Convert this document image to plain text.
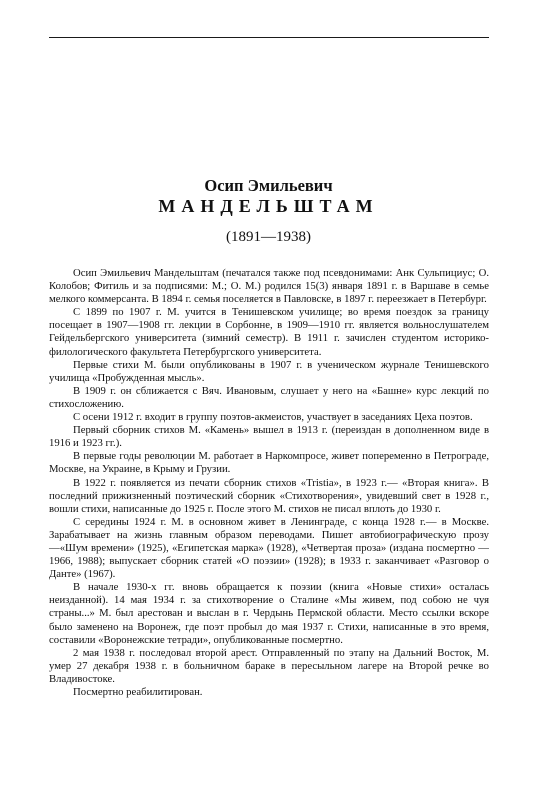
Осип Эмильевич
МАНДЕЛЬШТАМ
(1891—1938)

Осип Эмильевич Мандельштам (печатался также под псевдонимами: Анк Сульпициус; О. Колобов; Фитиль и за подписями: М.; О. М.) родился 15(3) января 1891 г. в Варшаве в семье мелкого коммерсанта. В 1894 г. семья поселяется в Павловске, в 1897 г. переезжает в Петербург.

С 1899 по 1907 г. М. учится в Тенишевском училище; во время поездок за границу посещает в 1907—1908 гг. лекции в Сорбонне, в 1909—1910 гг. является вольнослушателем Гейдельбергского университета (зимний семестр). В 1911 г. зачислен студентом историко-филологического факультета Петербургского университета.

Первые стихи М. были опубликованы в 1907 г. в ученическом журнале Тенишевского училища «Пробужденная мысль».

В 1909 г. он сближается с Вяч. Ивановым, слушает у него на «Башне» курс лекций по стихосложению.

С осени 1912 г. входит в группу поэтов-акмеистов, участвует в заседаниях Цеха поэтов.

Первый сборник стихов М. «Камень» вышел в 1913 г. (переиздан в дополненном виде в 1916 и 1923 гг.).

В первые годы революции М. работает в Наркомпросе, живет попеременно в Петрограде, Москве, на Украине, в Крыму и Грузии.

В 1922 г. появляется из печати сборник стихов «Tristia», в 1923 г.— «Вторая книга». В последний прижизненный поэтический сборник «Стихотворения», увидевший свет в 1928 г., вошли стихи, написанные до 1925 г. После этого М. стихов не писал вплоть до 1930 г.

С середины 1924 г. М. в основном живет в Ленинграде, с конца 1928 г.— в Москве. Зарабатывает на жизнь главным образом переводами. Пишет автобиографическую прозу —«Шум времени» (1925), «Египетская марка» (1928), «Четвертая проза» (издана посмертно — 1966, 1988); выпускает сборник статей «О поэзии» (1928); в 1933 г. заканчивает «Разговор о Данте» (1967).

В начале 1930-х гг. вновь обращается к поэзии (книга «Новые стихи» осталась неизданной). 14 мая 1934 г. за стихотворение о Сталине «Мы живем, под собою не чуя страны...» М. был арестован и выслан в г. Чердынь Пермской области. Место ссылки вскоре было заменено на Воронеж, где поэт пробыл до мая 1937 г. Стихи, написанные в это время, составили «Воронежские тетради», опубликованные посмертно.

2 мая 1938 г. последовал второй арест. Отправленный по этапу на Дальний Восток, М. умер 27 декабря 1938 г. в больничном бараке в пересыльном лагере на Второй речке во Владивостоке.

Посмертно реабилитирован.
